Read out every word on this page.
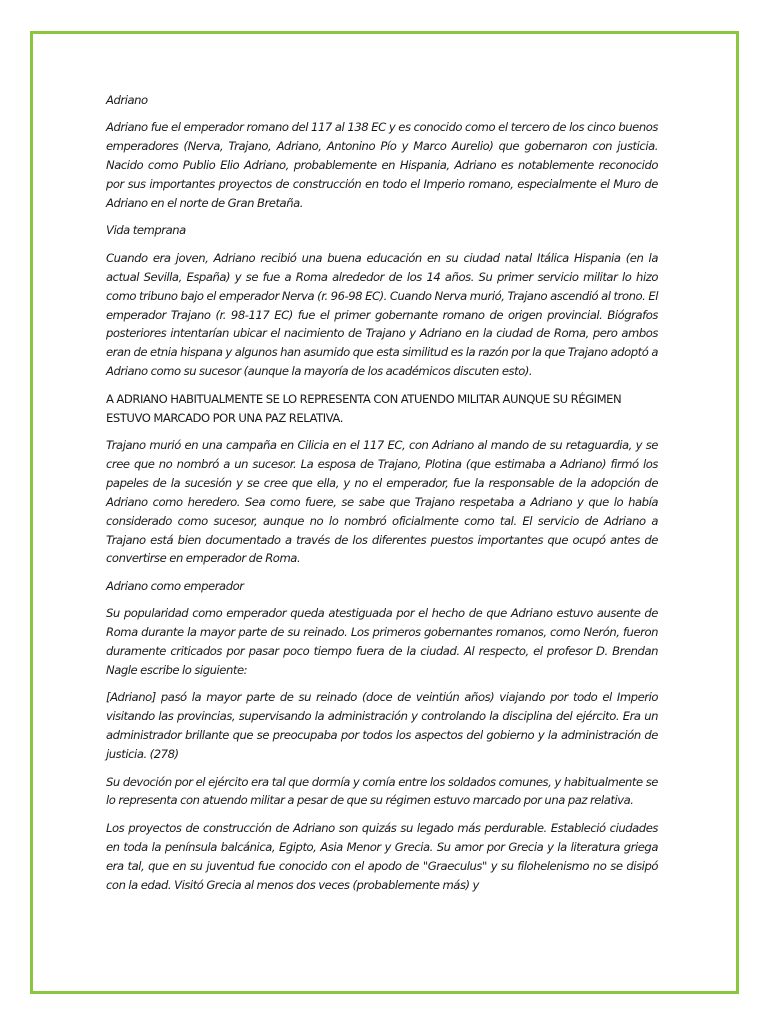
Adriano

Adriano fue el emperador romano del 117 al 138 EC y es conocido como el tercero de los cinco buenos emperadores (Nerva, Trajano, Adriano, Antonino Pío y Marco Aurelio) que gobernaron con justicia. Nacido como Publio Elio Adriano, probablemente en Hispania, Adriano es notablemente reconocido por sus importantes proyectos de construcción en todo el Imperio romano, especialmente el Muro de Adriano en el norte de Gran Bretaña.

Vida temprana

Cuando era joven, Adriano recibió una buena educación en su ciudad natal Itálica Hispania (en la actual Sevilla, España) y se fue a Roma alrededor de los 14 años. Su primer servicio militar lo hizo como tribuno bajo el emperador Nerva (r. 96-98 EC). Cuando Nerva murió, Trajano ascendió al trono. El emperador Trajano (r. 98-117 EC) fue el primer gobernante romano de origen provincial. Biógrafos posteriores intentarían ubicar el nacimiento de Trajano y Adriano en la ciudad de Roma, pero ambos eran de etnia hispana y algunos han asumido que esta similitud es la razón por la que Trajano adoptó a Adriano como su sucesor (aunque la mayoría de los académicos discuten esto).

A ADRIANO HABITUALMENTE SE LO REPRESENTA CON ATUENDO MILITAR AUNQUE SU RÉGIMEN ESTUVO MARCADO POR UNA PAZ RELATIVA.

Trajano murió en una campaña en Cilicia en el 117 EC, con Adriano al mando de su retaguardia, y se cree que no nombró a un sucesor. La esposa de Trajano, Plotina (que estimaba a Adriano) firmó los papeles de la sucesión y se cree que ella, y no el emperador, fue la responsable de la adopción de Adriano como heredero. Sea como fuere, se sabe que Trajano respetaba a Adriano y que lo había considerado como sucesor, aunque no lo nombró oficialmente como tal. El servicio de Adriano a Trajano está bien documentado a través de los diferentes puestos importantes que ocupó antes de convertirse en emperador de Roma.

Adriano como emperador

Su popularidad como emperador queda atestiguada por el hecho de que Adriano estuvo ausente de Roma durante la mayor parte de su reinado. Los primeros gobernantes romanos, como Nerón, fueron duramente criticados por pasar poco tiempo fuera de la ciudad. Al respecto, el profesor D. Brendan Nagle escribe lo siguiente:

[Adriano] pasó la mayor parte de su reinado (doce de veintiún años) viajando por todo el Imperio visitando las provincias, supervisando la administración y controlando la disciplina del ejército. Era un administrador brillante que se preocupaba por todos los aspectos del gobierno y la administración de justicia. (278)

Su devoción por el ejército era tal que dormía y comía entre los soldados comunes, y habitualmente se lo representa con atuendo militar a pesar de que su régimen estuvo marcado por una paz relativa.

Los proyectos de construcción de Adriano son quizás su legado más perdurable. Estableció ciudades en toda la península balcánica, Egipto, Asia Menor y Grecia. Su amor por Grecia y la literatura griega era tal, que en su juventud fue conocido con el apodo de "Graeculus" y su filohelenismo no se disipó con la edad. Visitó Grecia al menos dos veces (probablemente más) y
